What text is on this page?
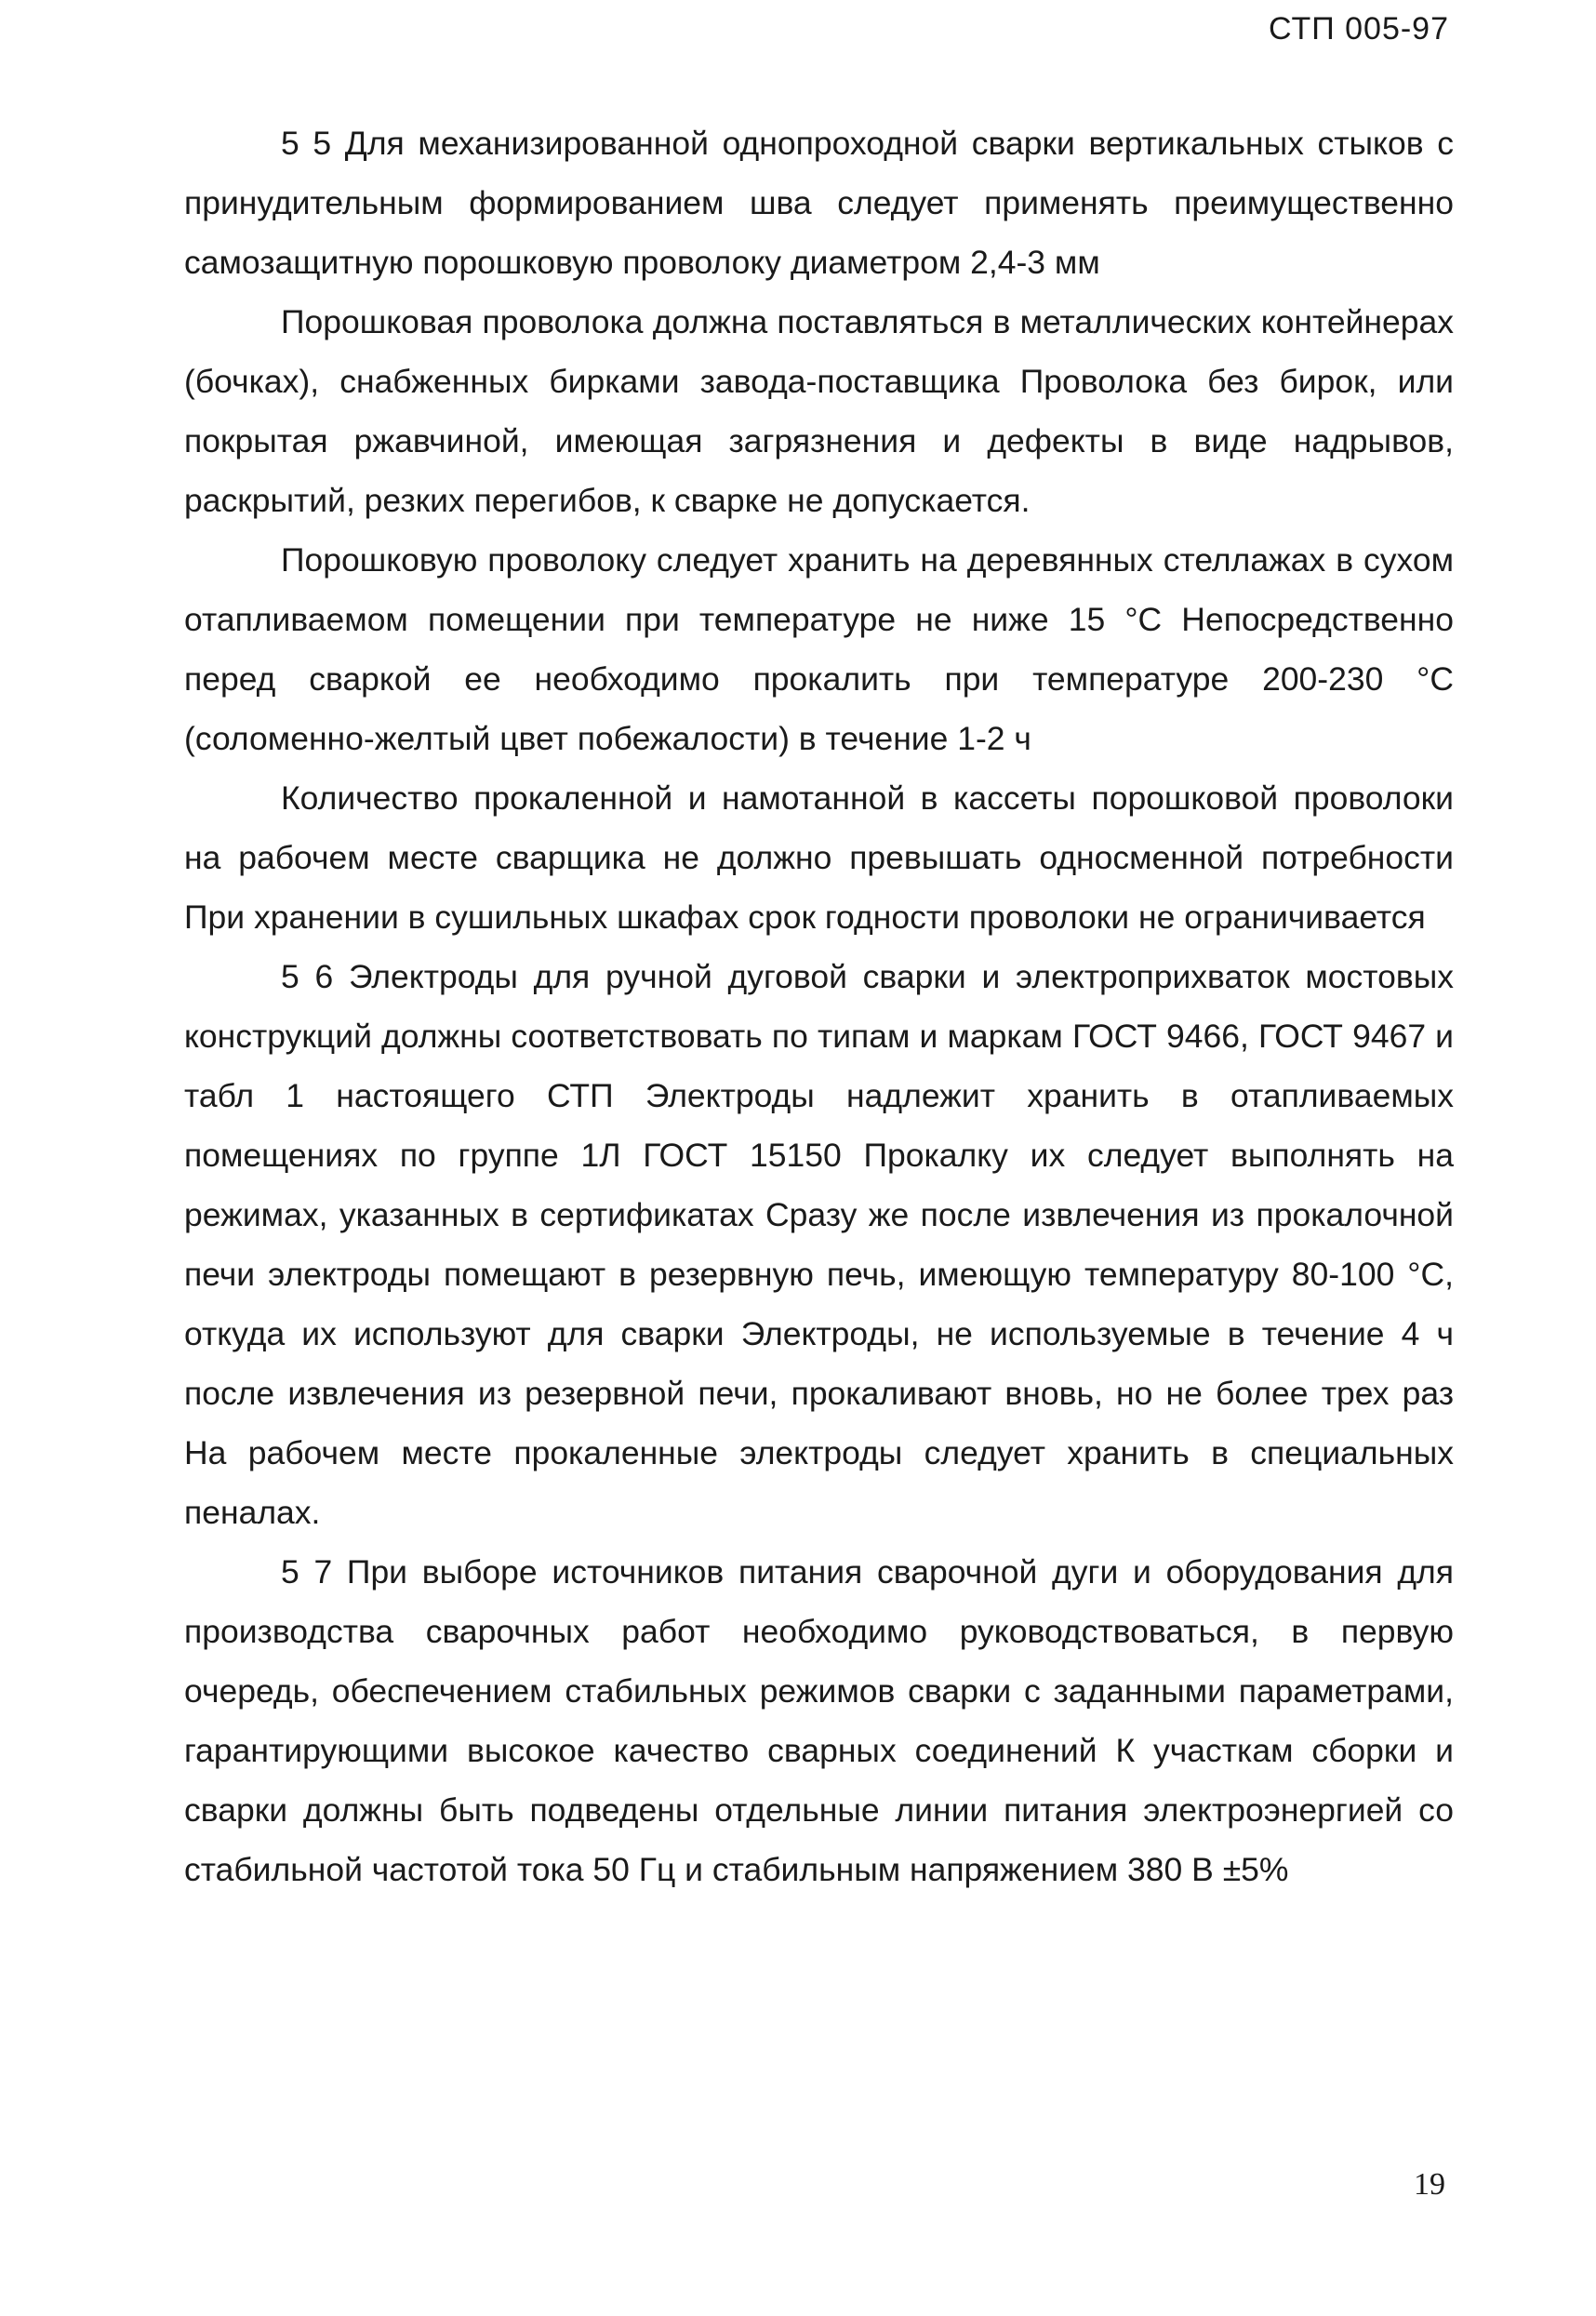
СТП 005-97

5 5 Для механизированной однопроходной сварки вертикальных стыков с принудительным формированием шва следует применять преимущественно самозащитную порошковую проволоку диаметром 2,4-3 мм

Порошковая проволока должна поставляться в металлических контейнерах (бочках), снабженных бирками завода-поставщика Проволока без бирок, или покрытая ржавчиной, имеющая загрязнения и дефекты в виде надрывов, раскрытий, резких перегибов, к сварке не допускается.

Порошковую проволоку следует хранить на деревянных стеллажах в сухом отапливаемом помещении при температуре не ниже 15 °С Непосредственно перед сваркой ее необходимо прокалить при температуре 200-230 °С (соломенно-желтый цвет побежалости) в течение 1-2 ч

Количество прокаленной и намотанной в кассеты порошковой проволоки на рабочем месте сварщика не должно превышать односменной потребности При хранении в сушильных шкафах срок годности проволоки не ограничивается

5 6 Электроды для ручной дуговой сварки и электроприхваток мостовых конструкций должны соответствовать по типам и маркам ГОСТ 9466, ГОСТ 9467 и табл 1 настоящего СТП Электроды надлежит хранить в отапливаемых помещениях по группе 1Л ГОСТ 15150 Прокалку их следует выполнять на режимах, указанных в сертификатах Сразу же после извлечения из прокалочной печи электроды помещают в резервную печь, имеющую температуру 80-100 °С, откуда их используют для сварки Электроды, не используемые в течение 4 ч после извлечения из резервной печи, прокаливают вновь, но не более трех раз На рабочем месте прокаленные электроды следует хранить в специальных пеналах.

5 7 При выборе источников питания сварочной дуги и оборудования для производства сварочных работ необходимо руководствоваться, в первую очередь, обеспечением стабильных режимов сварки с заданными параметрами, гарантирующими высокое качество сварных соединений К участкам сборки и сварки должны быть подведены отдельные линии питания электроэнергией со стабильной частотой тока 50 Гц и стабильным напряжением 380 В ±5%

19
